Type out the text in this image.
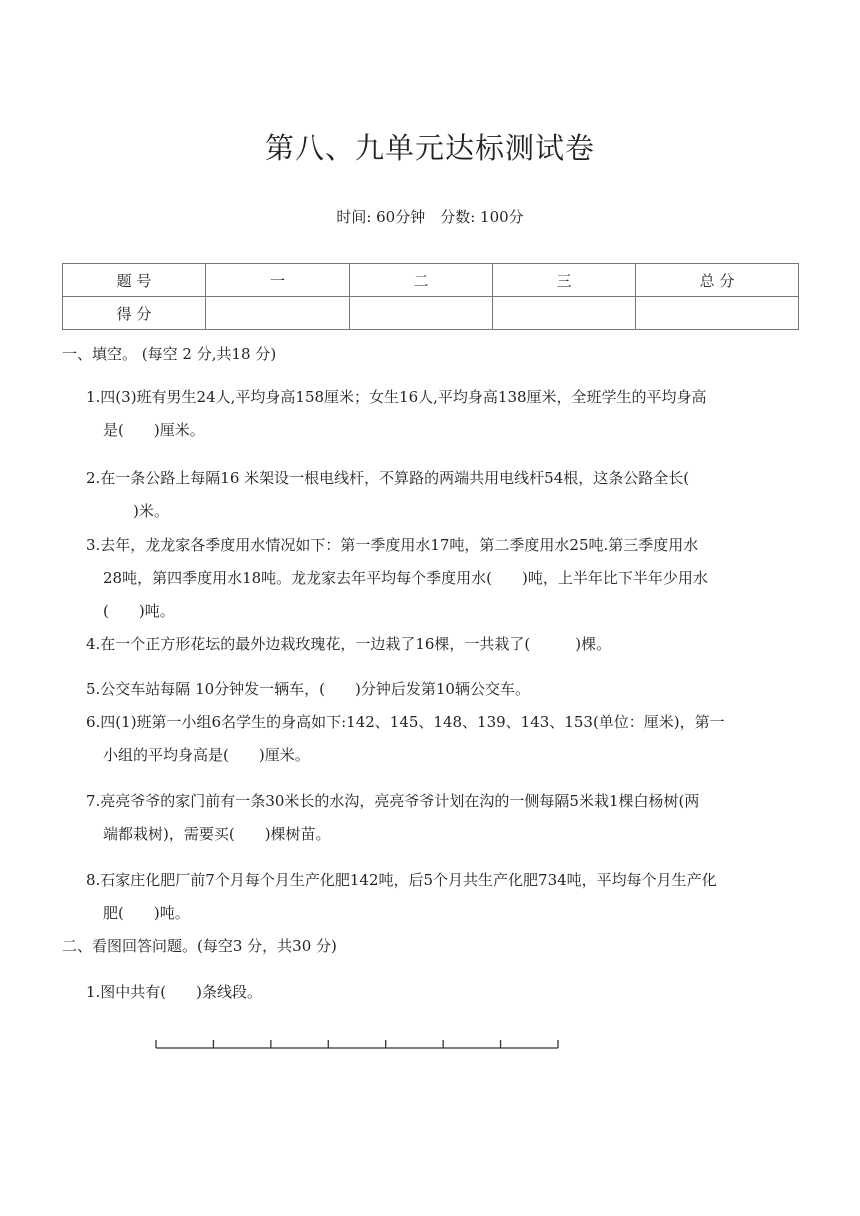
第八、九单元达标测试卷
时间: 60分钟　分数: 100分
题 号	一	二	三	总 分
得 分				
一、填空。 (每空 2 分,共18 分)
1.四(3)班有男生24人,平均身高158厘米；女生16人,平均身高138厘米，全班学生的平均身高
是(　　)厘米。
2.在一条公路上每隔16 米架设一根电线杆，不算路的两端共用电线杆54根，这条公路全长(
　　)米。
3.去年，龙龙家各季度用水情况如下：第一季度用水17吨，第二季度用水25吨.第三季度用水
28吨，第四季度用水18吨。龙龙家去年平均每个季度用水(　　)吨，上半年比下半年少用水
(　　)吨。
4.在一个正方形花坛的最外边栽玫瑰花，一边栽了16棵，一共栽了(　　　)棵。
5.公交车站每隔 10分钟发一辆车，(　　)分钟后发第10辆公交车。
6.四(1)班第一小组6名学生的身高如下:142、145、148、139、143、153(单位：厘米)，第一
小组的平均身高是(　　)厘米。
7.亮亮爷爷的家门前有一条30米长的水沟，亮亮爷爷计划在沟的一侧每隔5米栽1棵白杨树(两
端都栽树)，需要买(　　)棵树苗。
8.石家庄化肥厂前7个月每个月生产化肥142吨，后5个月共生产化肥734吨，平均每个月生产化
肥(　　)吨。
二、看图回答问题。(每空3 分，共30 分)
1.图中共有(　　)条线段。
